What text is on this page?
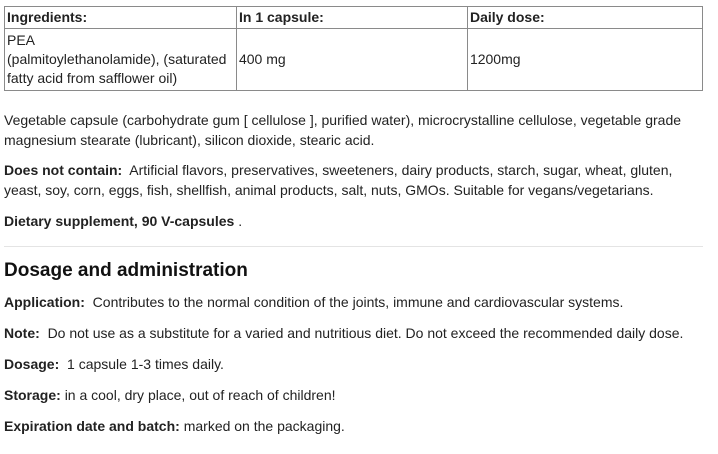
Ingredients:	In 1 capsule:	Daily dose:
PEA
(palmitoylethanolamide), (saturated
fatty acid from safflower oil)	400 mg	1200mg

Vegetable capsule (carbohydrate gum [ cellulose ], purified water), microcrystalline cellulose, vegetable grade
magnesium stearate (lubricant), silicon dioxide, stearic acid.

Does not contain: Artificial flavors, preservatives, sweeteners, dairy products, starch, sugar, wheat, gluten,
yeast, soy, corn, eggs, fish, shellfish, animal products, salt, nuts, GMOs. Suitable for vegans/vegetarians.

Dietary supplement, 90 V-capsules .

Dosage and administration

Application: Contributes to the normal condition of the joints, immune and cardiovascular systems.

Note: Do not use as a substitute for a varied and nutritious diet. Do not exceed the recommended daily dose.

Dosage: 1 capsule 1-3 times daily.

Storage: in a cool, dry place, out of reach of children!

Expiration date and batch: marked on the packaging.
